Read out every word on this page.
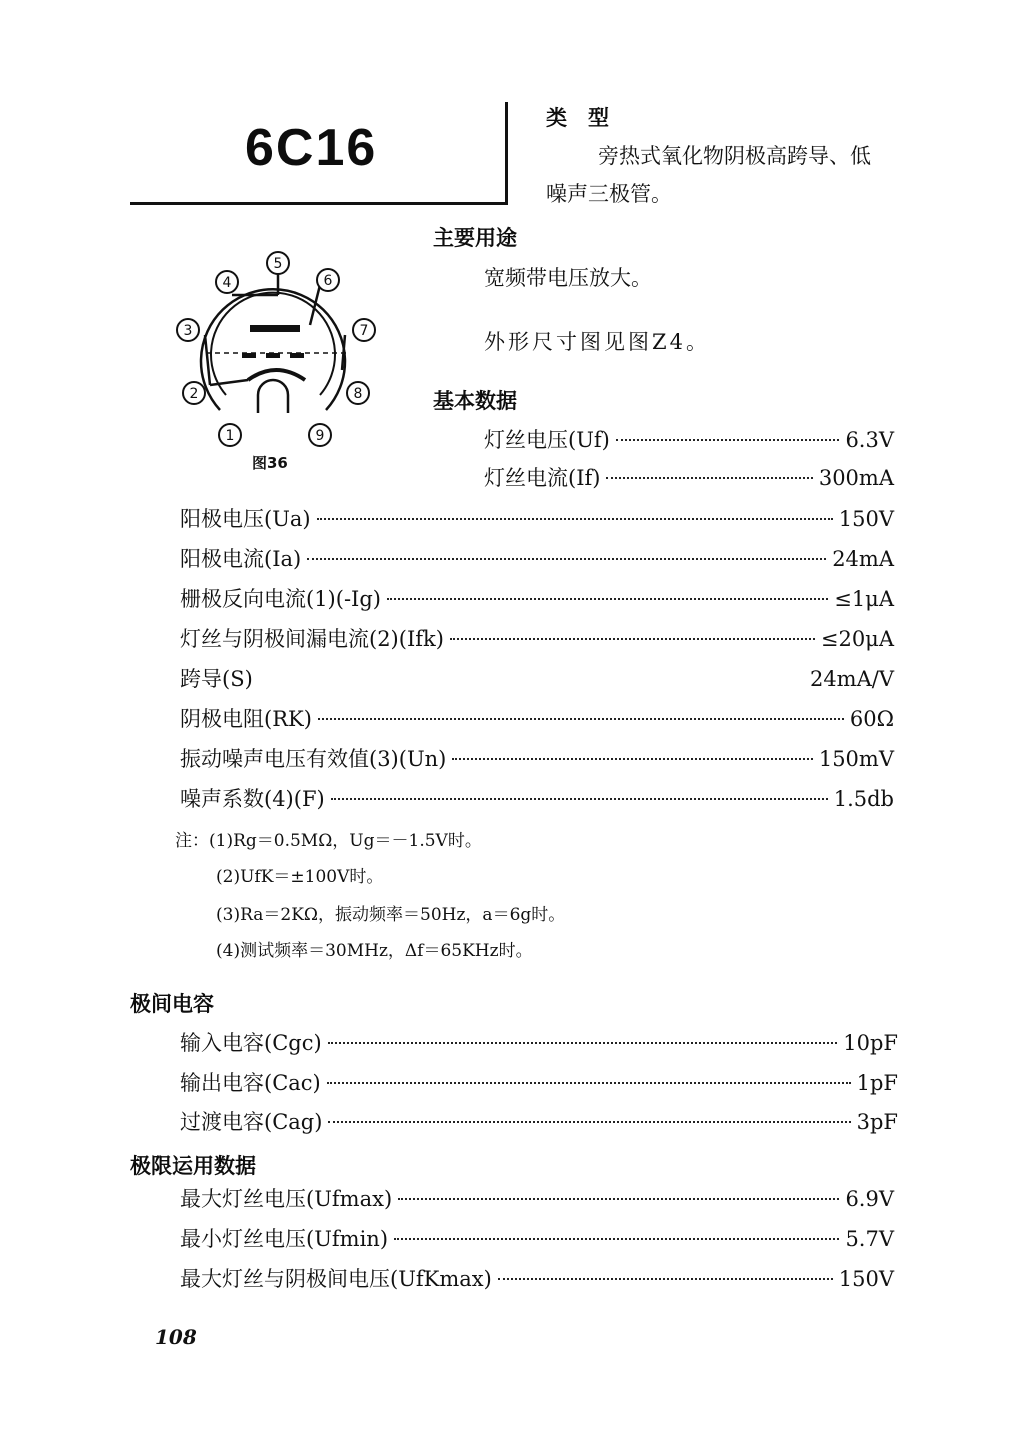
6C16
类　型
旁热式氧化物阴极高跨导、低
噪声三极管。
主要用途
宽频带电压放大。
外形尺寸图见图Z4。
1
2
3
4
5
6
7
8
9
图36
基本数据
灯丝电压(Uf)	6.3V
灯丝电流(If)	300mA
阳极电压(Ua)	150V
阳极电流(Ia)	24mA
栅极反向电流(1)(-Ig)	≤1μA
灯丝与阴极间漏电流(2)(Ifk)	≤20μA
跨导(S)	24mA/V
阴极电阻(RK)	60Ω
振动噪声电压有效值(3)(Un)	150mV
噪声系数(4)(F)	1.5db
注：(1)Rg＝0.5MΩ，Ug＝－1.5V时。
(2)UfK＝±100V时。
(3)Ra＝2KΩ，振动频率＝50Hz，a＝6g时。
(4)测试频率＝30MHz，Δf＝65KHz时。
极间电容
输入电容(Cgc)	10pF
输出电容(Cac)	1pF
过渡电容(Cag)	3pF
极限运用数据
最大灯丝电压(Ufmax)	6.9V
最小灯丝电压(Ufmin)	5.7V
最大灯丝与阴极间电压(UfKmax)	150V
108
